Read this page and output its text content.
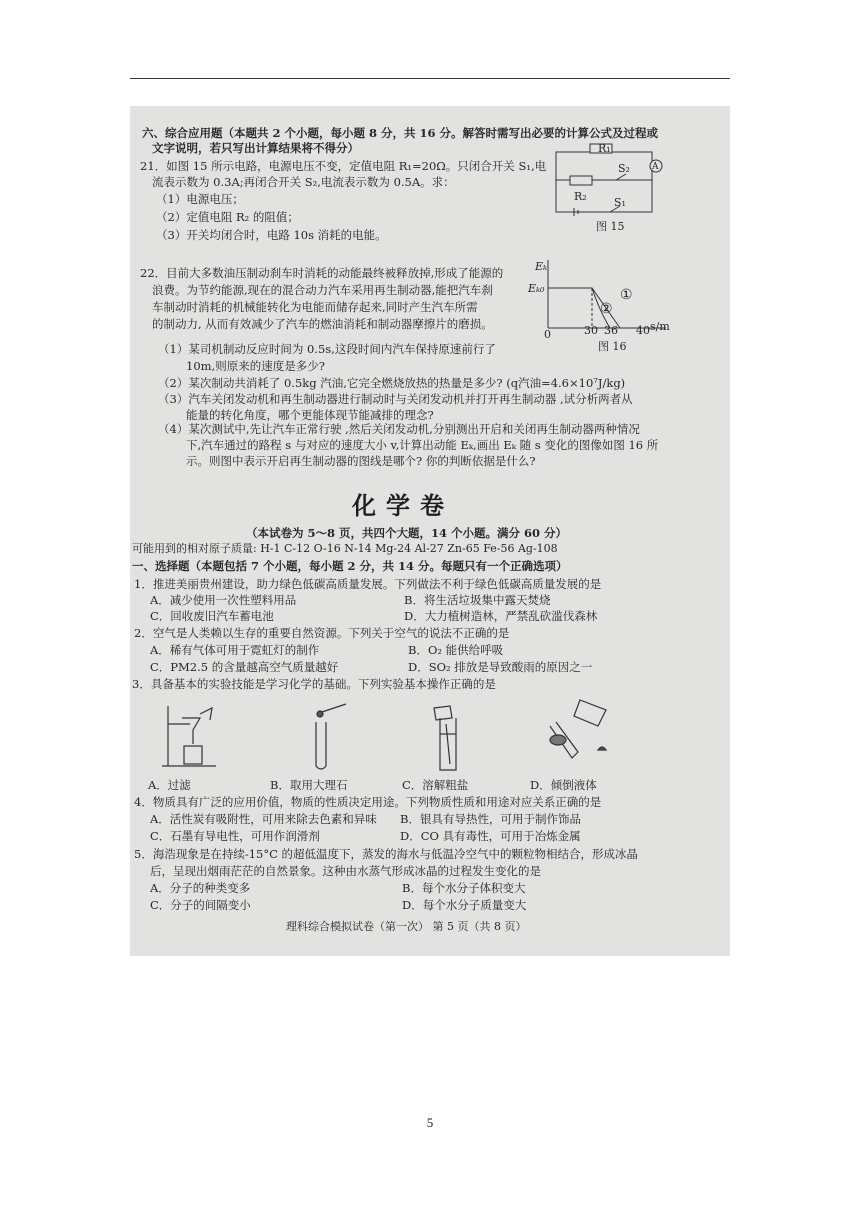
六、综合应用题（本题共 2 个小题，每小题 8 分，共 16 分。解答时需写出必要的计算公式及过程或
文字说明，若只写出计算结果将不得分）
21．如图 15 所示电路，电源电压不变，定值电阻 R₁=20Ω。只闭合开关 S₁,电
流表示数为 0.3A;再闭合开关 S₂,电流表示数为 0.5A。求：
（1）电源电压；
（2）定值电阻 R₂ 的阻值；
（3）开关均闭合时，电路 10s 消耗的电能。
R₁
R₂
S₂
S₁
A
图 15
22．目前大多数油压制动刹车时消耗的动能最终被释放掉,形成了能源的
浪费。为节约能源,现在的混合动力汽车采用再生制动器,能把汽车刹
车制动时消耗的机械能转化为电能而储存起来,同时产生汽车所需
的制动力, 从而有效减少了汽车的燃油消耗和制动器摩擦片的磨损。
（1）某司机制动反应时间为 0.5s,这段时间内汽车保持原速前行了
10m,则原来的速度是多少?
（2）某次制动共消耗了 0.5kg 汽油,它完全燃烧放热的热量是多少? (q汽油=4.6×10⁷J/kg)
（3）汽车关闭发动机和再生制动器进行制动时与关闭发动机并打开再生制动器 ,试分析两者从
能量的转化角度，哪个更能体现节能减排的理念?
（4）某次测试中,先让汽车正常行驶 ,然后关闭发动机,分别测出开启和关闭再生制动器两种情况
下,汽车通过的路程 s 与对应的速度大小 v,计算出动能 Eₖ,画出 Eₖ 随 s 变化的图像如图 16 所
示。则图中表示开启再生制动器的图线是哪个? 你的判断依据是什么?
Eₖ
Eₖ₀
0	30 36 40 s/m
①
②
图 16
化学卷
（本试卷为 5～8 页，共四个大题，14 个小题。满分 60 分）
可能用到的相对原子质量: H-1 C-12 O-16 N-14 Mg-24 Al-27 Zn-65 Fe-56 Ag-108
一、选择题（本题包括 7 个小题，每小题 2 分，共 14 分。每题只有一个正确选项）
1．推进美丽贵州建设，助力绿色低碳高质量发展。下列做法不利于绿色低碳高质量发展的是
A．减少使用一次性塑料用品	B．将生活垃圾集中露天焚烧
C．回收废旧汽车蓄电池	D．大力植树造林，严禁乱砍滥伐森林
2．空气是人类赖以生存的重要自然资源。下列关于空气的说法不正确的是
A．稀有气体可用于霓虹灯的制作	B．O₂ 能供给呼吸
C．PM2.5 的含量越高空气质量越好	D．SO₂ 排放是导致酸雨的原因之一
3．具备基本的实验技能是学习化学的基础。下列实验基本操作正确的是
A．过滤	B．取用大理石	C．溶解粗盐	D．倾倒液体
4．物质具有广泛的应用价值，物质的性质决定用途。下列物质性质和用途对应关系正确的是
A．活性炭有吸附性，可用来除去色素和异味 B．银具有导热性，可用于制作饰品
C．石墨有导电性，可用作润滑剂	D．CO 具有毒性，可用于冶炼金属
5．海浩现象是在持续-15°C 的超低温度下，蒸发的海水与低温冷空气中的颗粒物相结合，形成冰晶
后，呈现出烟雨茫茫的自然景象。这种由水蒸气形成冰晶的过程发生变化的是
A．分子的种类变多	B．每个水分子体积变大
C．分子的间隔变小	D．每个水分子质量变大
理科综合模拟试卷（第一次） 第 5 页（共 8 页）
5
